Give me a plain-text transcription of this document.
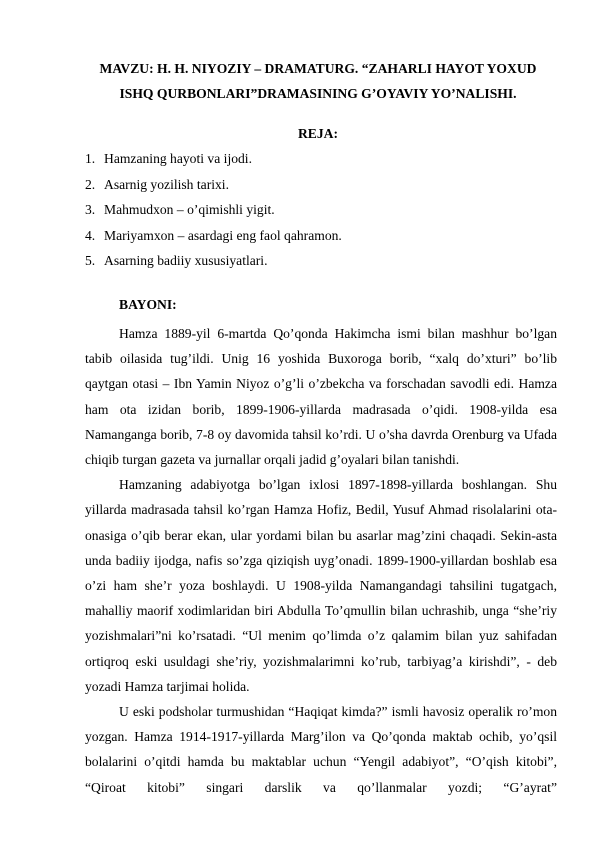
MAVZU: H. H. NIYOZIY – DRAMATURG. “ZAHARLI HAYOT YOXUD
ISHQ QURBONLARI”DRAMASINING G’OYAVIY YO’NALISHI.
REJA:
1. Hamzaning hayoti va ijodi.
2. Asarnig yozilish tarixi.
3. Mahmudxon – o’qimishli yigit.
4. Mariyamxon – asardagi eng faol qahramon.
5. Asarning badiiy xususiyatlari.
BAYONI:

Hamza 1889-yil 6-martda Qo’qonda Hakimcha ismi bilan mashhur bo’lgan tabib oilasida tug’ildi. Unig 16 yoshida Buxoroga borib, “xalq do’xturi” bo’lib qaytgan otasi – Ibn Yamin Niyoz o’g’li o’zbekcha va forschadan savodli edi. Hamza ham ota izidan borib, 1899-1906-yillarda madrasada o’qidi. 1908-yilda esa Namanganga borib, 7-8 oy davomida tahsil ko’rdi. U o’sha davrda Orenburg va Ufada chiqib turgan gazeta va jurnallar orqali jadid g’oyalari bilan tanishdi.

Hamzaning adabiyotga bo’lgan ixlosi 1897-1898-yillarda boshlangan. Shu yillarda madrasada tahsil ko’rgan Hamza Hofiz, Bedil, Yusuf Ahmad risolalarini ota-onasiga o’qib berar ekan, ular yordami bilan bu asarlar mag’zini chaqadi. Sekin-asta unda badiiy ijodga, nafis so’zga qiziqish uyg’onadi. 1899-1900-yillardan boshlab esa o’zi ham she’r yoza boshlaydi. U 1908-yilda Namangandagi tahsilini tugatgach, mahalliy maorif xodimlaridan biri Abdulla To’qmullin bilan uchrashib, unga “she’riy yozishmalari”ni ko’rsatadi. “Ul menim qo’limda o’z qalamim bilan yuz sahifadan ortiqroq eski usuldagi she’riy, yozishmalarimni ko’rub, tarbiyag’a kirishdi”, - deb yozadi Hamza tarjimai holida.

U eski podsholar turmushidan “Haqiqat kimda?” ismli havosiz operalik ro’mon yozgan. Hamza 1914-1917-yillarda Marg’ilon va Qo’qonda maktab ochib, yo’qsil bolalarini o’qitdi hamda bu maktablar uchun “Yengil adabiyot”, “O’qish kitobi”, “Qiroat kitobi” singari darslik va qo’llanmalar yozdi; “G’ayrat”
